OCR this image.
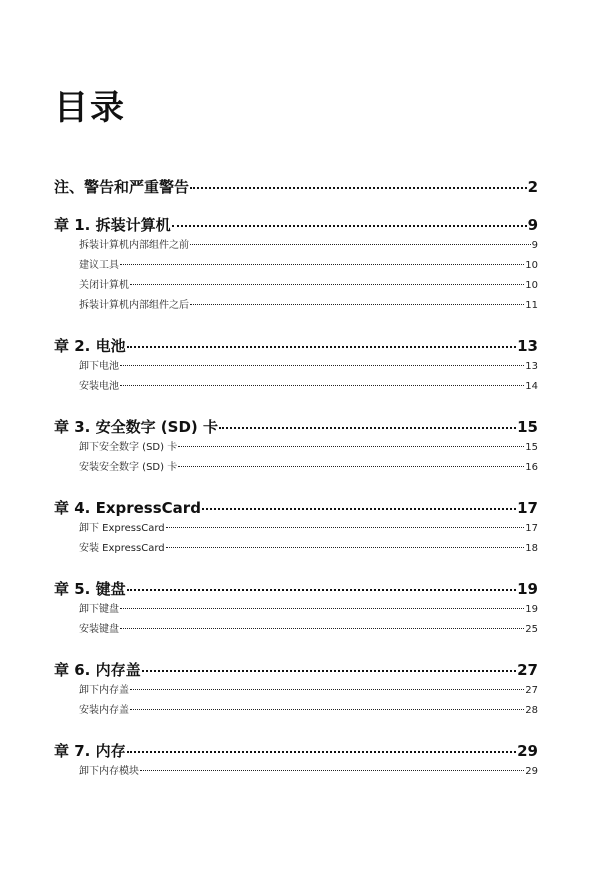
目录
注、警告和严重警告	2
章 1. 拆装计算机	9
拆装计算机内部组件之前	9
建议工具	10
关闭计算机	10
拆装计算机内部组件之后	11
章 2. 电池	13
卸下电池	13
安装电池	14
章 3. 安全数字 (SD) 卡	15
卸下安全数字 (SD) 卡	15
安装安全数字 (SD) 卡	16
章 4. ExpressCard	17
卸下 ExpressCard	17
安装 ExpressCard	18
章 5. 键盘	19
卸下键盘	19
安装键盘	25
章 6. 内存盖	27
卸下内存盖	27
安装内存盖	28
章 7. 内存	29
卸下内存模块	29
